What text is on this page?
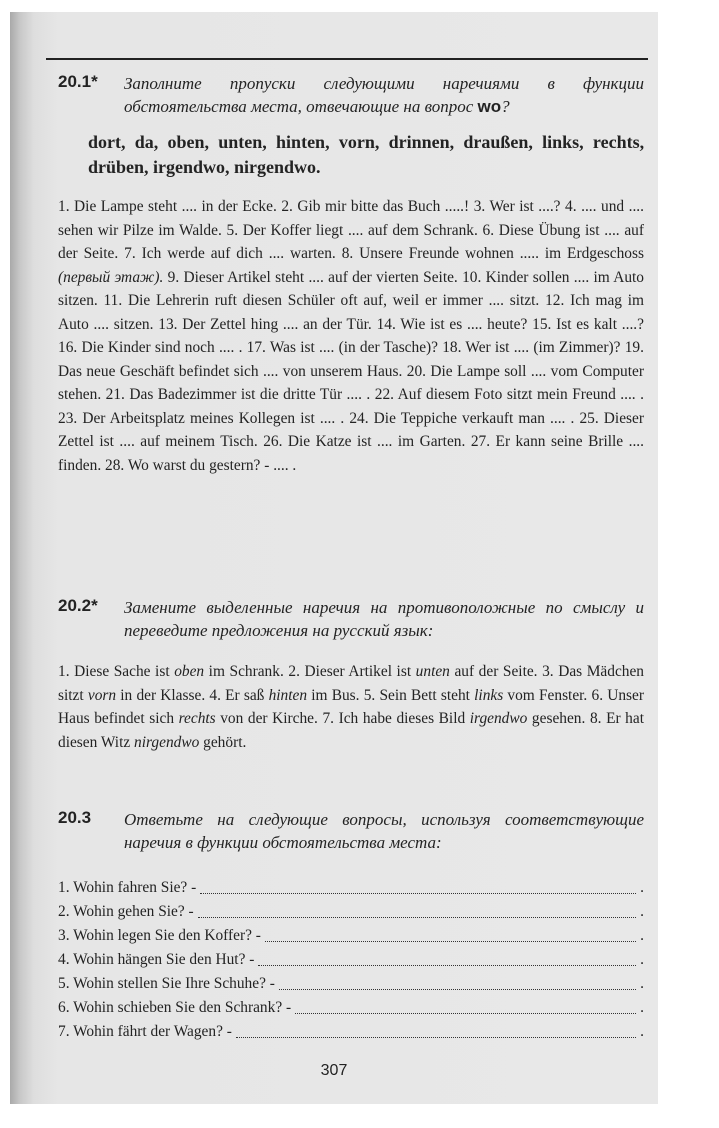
20.1* Заполните пропуски следующими наречиями в функции обстоятельства места, отвечающие на вопрос wo?
dort, da, oben, unten, hinten, vorn, drinnen, draußen, links, rechts, drüben, irgendwo, nirgendwo.
1. Die Lampe steht .... in der Ecke. 2. Gib mir bitte das Buch .....! 3. Wer ist ....? 4. .... und .... sehen wir Pilze im Walde. 5. Der Koffer liegt .... auf dem Schrank. 6. Diese Übung ist .... auf der Seite. 7. Ich werde auf dich .... warten. 8. Unsere Freunde wohnen ..... im Erdgeschoss (первый этаж). 9. Dieser Artikel steht .... auf der vierten Seite. 10. Kinder sollen .... im Auto sitzen. 11. Die Lehrerin ruft diesen Schüler oft auf, weil er immer .... sitzt. 12. Ich mag im Auto .... sitzen. 13. Der Zettel hing .... an der Tür. 14. Wie ist es .... heute? 15. Ist es kalt ....? 16. Die Kinder sind noch .... . 17. Was ist .... (in der Tasche)? 18. Wer ist .... (im Zimmer)? 19. Das neue Geschäft befindet sich .... von unserem Haus. 20. Die Lampe soll .... vom Computer stehen. 21. Das Badezimmer ist die dritte Tür .... . 22. Auf diesem Foto sitzt mein Freund .... . 23. Der Arbeitsplatz meines Kollegen ist .... . 24. Die Teppiche verkauft man .... . 25. Dieser Zettel ist .... auf meinem Tisch. 26. Die Katze ist .... im Garten. 27. Er kann seine Brille .... finden. 28. Wo warst du gestern? - .... .
20.2* Замените выделенные наречия на противоположные по смыслу и переведите предложения на русский язык:
1. Diese Sache ist oben im Schrank. 2. Dieser Artikel ist unten auf der Seite. 3. Das Mädchen sitzt vorn in der Klasse. 4. Er saß hinten im Bus. 5. Sein Bett steht links vom Fenster. 6. Unser Haus befindet sich rechts von der Kirche. 7. Ich habe dieses Bild irgendwo gesehen. 8. Er hat diesen Witz nirgendwo gehört.
20.3 Ответьте на следующие вопросы, используя соответствующие наречия в функции обстоятельства места:
1. Wohin fahren Sie? -	.
2. Wohin gehen Sie? -	.
3. Wohin legen Sie den Koffer? -	.
4. Wohin hängen Sie den Hut? -	.
5. Wohin stellen Sie Ihre Schuhe? -	.
6. Wohin schieben Sie den Schrank? -	.
7. Wohin fährt der Wagen? -	.
307
